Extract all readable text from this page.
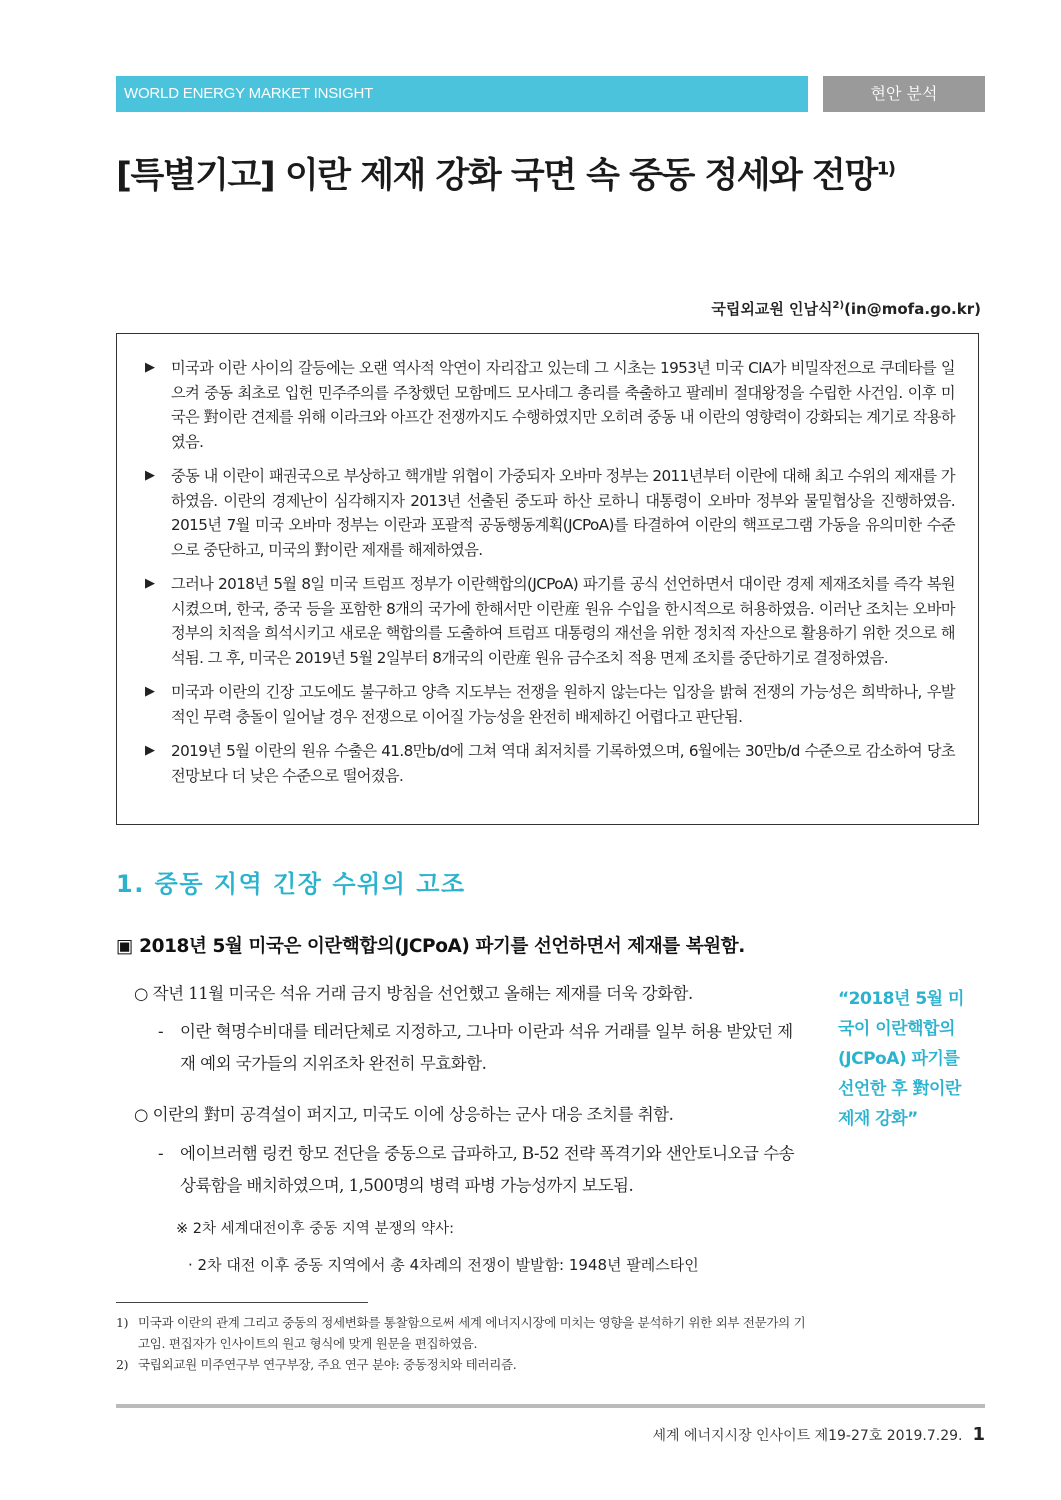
WORLD ENERGY MARKET INSIGHT	현안 분석
[특별기고] 이란 제재 강화 국면 속 중동 정세와 전망$^{1)}$
국립외교원 인남식$^{2)}$(in@mofa.go.kr)
▶ 미국과 이란 사이의 갈등에는 오랜 역사적 악연이 자리잡고 있는데 그 시초는 1953년 미국 CIA가 비밀작전으로 쿠데타를 일으켜 중동 최초로 입헌 민주주의를 주창했던 모함메드 모사데그 총리를 축출하고 팔레비 절대왕정을 수립한 사건임. 이후 미국은 對이란 견제를 위해 이라크와 아프간 전쟁까지도 수행하였지만 오히려 중동 내 이란의 영향력이 강화되는 계기로 작용하였음.
▶ 중동 내 이란이 패권국으로 부상하고 핵개발 위협이 가중되자 오바마 정부는 2011년부터 이란에 대해 최고 수위의 제재를 가하였음. 이란의 경제난이 심각해지자 2013년 선출된 중도파 하산 로하니 대통령이 오바마 정부와 물밑협상을 진행하였음. 2015년 7월 미국 오바마 정부는 이란과 포괄적 공동행동계획(JCPoA)를 타결하여 이란의 핵프로그램 가동을 유의미한 수준으로 중단하고, 미국의 對이란 제재를 해제하였음.
▶ 그러나 2018년 5월 8일 미국 트럼프 정부가 이란핵합의(JCPoA) 파기를 공식 선언하면서 대이란 경제 제재조치를 즉각 복원시켰으며, 한국, 중국 등을 포함한 8개의 국가에 한해서만 이란産 원유 수입을 한시적으로 허용하였음. 이러난 조치는 오바마 정부의 치적을 희석시키고 새로운 핵합의를 도출하여 트럼프 대통령의 재선을 위한 정치적 자산으로 활용하기 위한 것으로 해석됨. 그 후, 미국은 2019년 5월 2일부터 8개국의 이란産 원유 금수조치 적용 면제 조치를 중단하기로 결정하였음.
▶ 미국과 이란의 긴장 고도에도 불구하고 양측 지도부는 전쟁을 원하지 않는다는 입장을 밝혀 전쟁의 가능성은 희박하나, 우발적인 무력 충돌이 일어날 경우 전쟁으로 이어질 가능성을 완전히 배제하긴 어렵다고 판단됨.
▶ 2019년 5월 이란의 원유 수출은 41.8만b/d에 그쳐 역대 최저치를 기록하였으며, 6월에는 30만b/d 수준으로 감소하여 당초 전망보다 더 낮은 수준으로 떨어졌음.
1. 중동 지역 긴장 수위의 고조
▣ 2018년 5월 미국은 이란핵합의(JCPoA) 파기를 선언하면서 제재를 복원함.
○ 작년 11월 미국은 석유 거래 금지 방침을 선언했고 올해는 제재를 더욱 강화함.
-	이란 혁명수비대를 테러단체로 지정하고, 그나마 이란과 석유 거래를 일부 허용 받았던 제재 예외 국가들의 지위조차 완전히 무효화함.
○ 이란의 對미 공격설이 퍼지고, 미국도 이에 상응하는 군사 대응 조치를 취함.
-	에이브러햄 링컨 항모 전단을 중동으로 급파하고, B-52 전략 폭격기와 샌안토니오급 수송상륙함을 배치하였으며, 1,500명의 병력 파병 가능성까지 보도됨.
※ 2차 세계대전이후 중동 지역 분쟁의 약사:
· 2차 대전 이후 중동 지역에서 총 4차례의 전쟁이 발발함: 1948년 팔레스타인

“2018년 5월 미국이 이란핵합의 (JCPoA) 파기를 선언한 후 對이란 제재 강화”

1) 미국과 이란의 관계 그리고 중동의 정세변화를 통찰함으로써 세계 에너지시장에 미치는 영향을 분석하기 위한 외부 전문가의 기고임. 편집자가 인사이트의 원고 형식에 맞게 원문을 편집하였음.
2) 국립외교원 미주연구부 연구부장, 주요 연구 분야: 중동정치와 테러리즘.
세계 에너지시장 인사이트 제19-27호 2019.7.29. 1
